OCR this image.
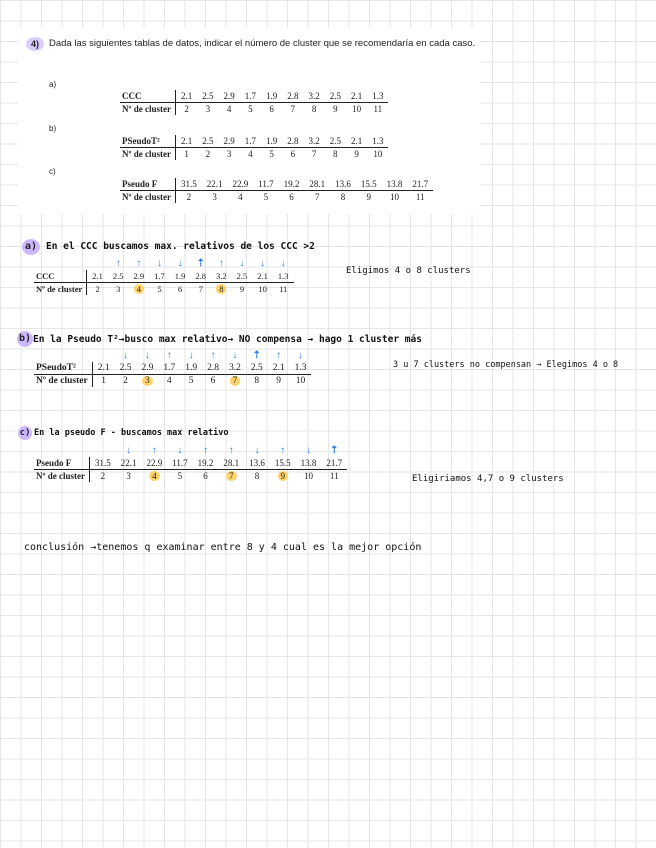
4)	Dada las siguientes tablas de datos, indicar el número de cluster que se recomendaría en cada caso.
a)
b)
c)
CCC	2.1	2.5	2.9	1.7	1.9	2.8	3.2	2.5	2.1	1.3
Nº de cluster	2	3	4	5	6	7	8	9	10	11
PSeudoT²	2.1	2.5	2.9	1.7	1.9	2.8	3.2	2.5	2.1	1.3
Nº de cluster	1	2	3	4	5	6	7	8	9	10
Pseudo F	31.5	22.1	22.9	11.7	19.2	28.1	13.6	15.5	13.8	21.7
Nº de cluster	2	3	4	5	6	7	8	9	10	11
a) En el CCC buscamos max. relativos de los CCC >2
↑ ↑ ↓ ↓ ⇡ ↑ ↓ ↓ ↓
CCC	2.1	2.5	2.9	1.7	1.9	2.8	3.2	2.5	2.1	1.3
Nº de cluster	2	3	4	5	6	7	8	9	10	11
Eligimos 4 o 8 clusters
b) En la Pseudo T²→busco max relativo→ NO compensa → hago 1 cluster más
↓ ↓ ↑ ↓ ↑ ↓ ⇡ ↑ ↓
PSeudoT²	2.1	2.5	2.9	1.7	1.9	2.8	3.2	2.5	2.1	1.3
Nº de cluster	1	2	3	4	5	6	7	8	9	10
3 u 7 clusters no compensan → Elegimos 4 o 8
c) En la pseudo F - buscamos max relativo
↓ ↑ ↓ ↑ ↑ ↓ ↑ ↓ ⇡
Pseudo F	31.5	22.1	22.9	11.7	19.2	28.1	13.6	15.5	13.8	21.7
Nº de cluster	2	3	4	5	6	7	8	9	10	11	Eligiriamos 4,7 o 9 clusters
conclusión →tenemos q examinar entre 8 y 4 cual es la mejor opción
